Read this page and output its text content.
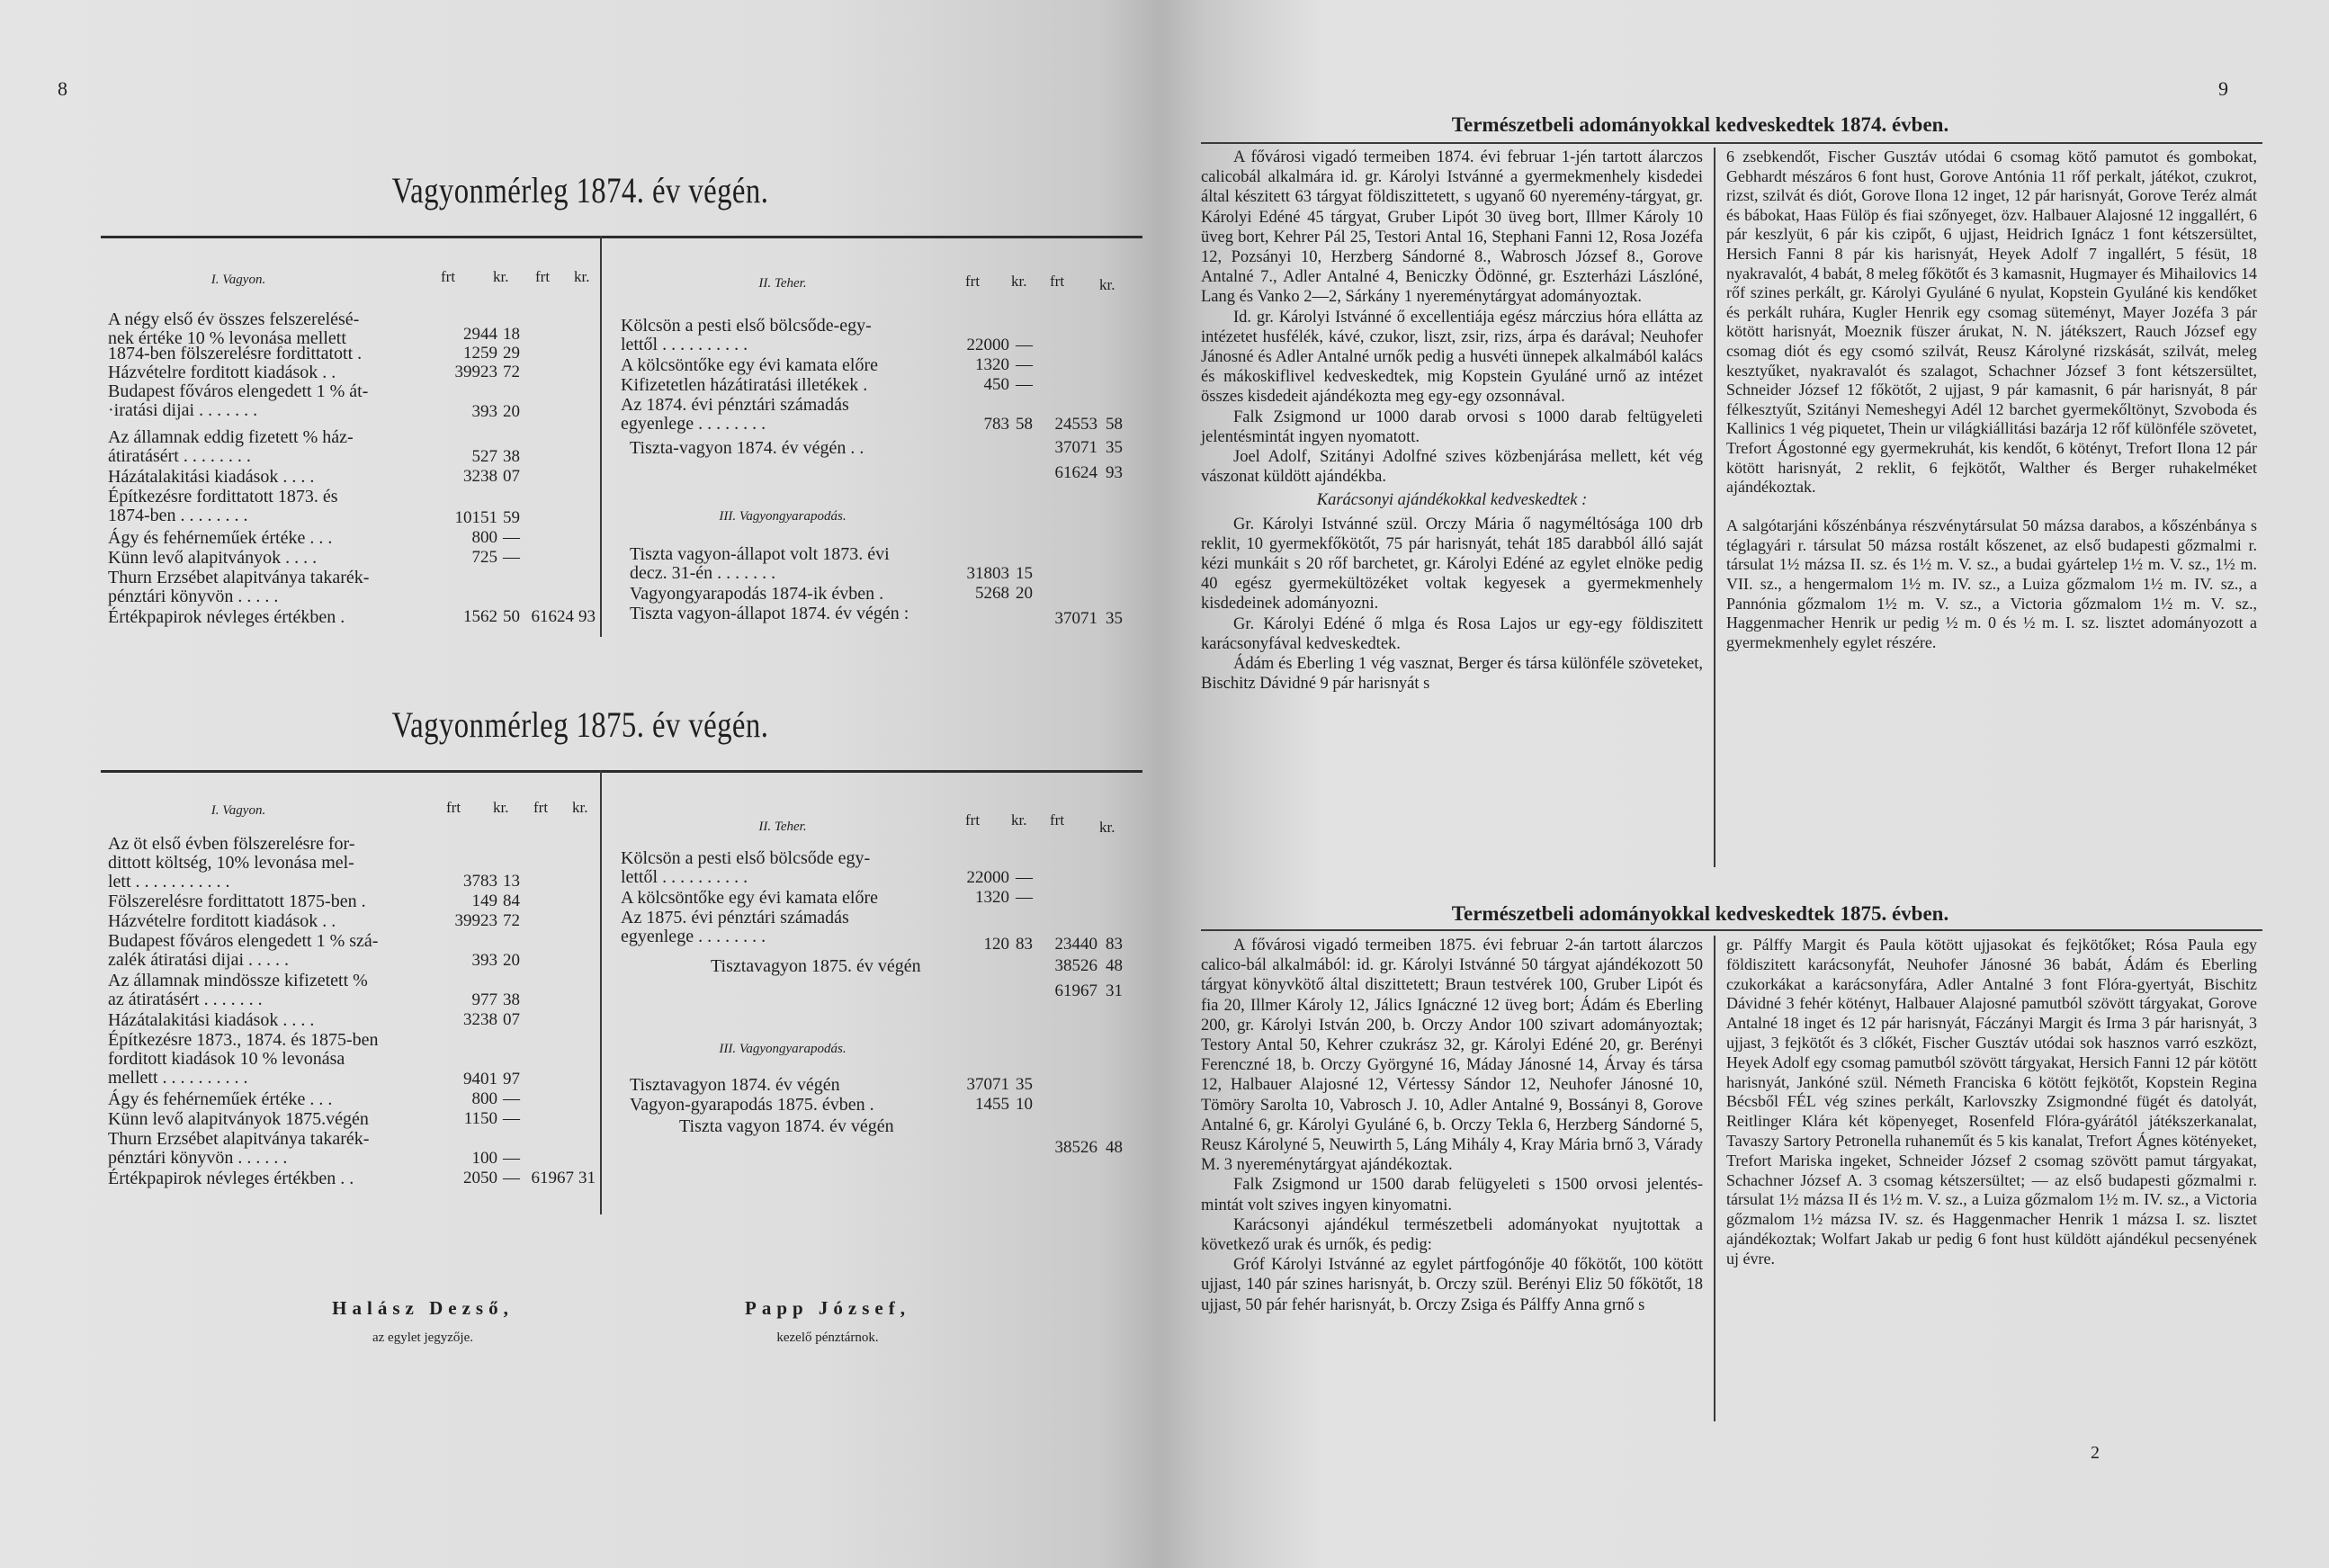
8
Vagyonmérleg 1874. év végén.
I. Vagyon.	frt kr. frt kr.	II. Teher.	frt kr. frt kr.
A négy első év összes felszerelésé-
nek értéke 10 % levonása mellett	2944 18
1874-ben fölszerelésre fordittatott .	1259 29
Házvételre forditott kiadások . .	39923 72
Budapest főváros elengedett 1 % át-
·iratási dijai . . . . . . .	393 20
Az államnak eddig fizetett % ház-
átiratásért . . . . . . . .	527 38
Házátalakitási kiadások . . . .	3238 07
Építkezésre fordittatott 1873. és
1874-ben . . . . . . . .	10151 59
Ágy és fehérneműek értéke . . .	800 —
Künn levő alapitványok . . . .	725 —
Thurn Erzsébet alapitványa takarék-
pénztári könyvön . . . . .
Értékpapirok névleges értékben .	1562 50 61624 93
Kölcsön a pesti első bölcsőde-egy-
lettől . . . . . . . . . .	22000 —
A kölcsöntőke egy évi kamata előre	1320 —
Kifizetetlen házátiratási illetékek .	450 —
Az 1874. évi pénztári számadás
egyenlege . . . . . . . .	783 58	24553 58
Tiszta-vagyon 1874. év végén . .	37071 35
61624 93
III. Vagyongyarapodás.
Tiszta vagyon-állapot volt 1873. évi
decz. 31-én . . . . . . .	31803 15
Vagyongyarapodás 1874-ik évben .	5268 20
Tiszta vagyon-állapot 1874. év végén :	37071 35
Vagyonmérleg 1875. év végén.
I. Vagyon.	frt kr. frt kr.
II. Teher.	frt kr. frt kr.
Az öt első évben fölszerelésre for-
dittott költség, 10% levonása mel-
lett . . . . . . . . . . .	3783 13
Fölszerelésre fordittatott 1875-ben .	149 84
Házvételre forditott kiadások . .	39923 72
Budapest főváros elengedett 1 % szá-
zalék átiratási dijai . . . . .	393 20
Az államnak mindössze kifizetett %
az átiratásért . . . . . . .	977 38
Házátalakitási kiadások . . . .	3238 07
Építkezésre 1873., 1874. és 1875-ben
forditott kiadások 10 % levonása
mellett . . . . . . . . . .	9401 97
Ágy és fehérneműek értéke . . .	800 —
Künn levő alapitványok 1875.végén	1150 —
Thurn Erzsébet alapitványa takarék-
pénztári könyvön . . . . . .	100 —
Értékpapirok névleges értékben . .	2050 — 61967 31
Kölcsön a pesti első bölcsőde egy-
lettől . . . . . . . . . .	22000 —
A kölcsöntőke egy évi kamata előre	1320 —
Az 1875. évi pénztári számadás
egyenlege . . . . . . . .	120 83	23440 83
Tisztavagyon 1875. év végén	38526 48
61967 31
III. Vagyongyarapodás.
Tisztavagyon 1874. év végén	37071 35
Vagyon-gyarapodás 1875. évben .	1455 10
Tiszta vagyon 1874. év végén
38526 48
Halász Dezső,
az egylet jegyzője.
Papp József,
kezelő pénztárnok.
9
Természetbeli adományokkal kedveskedtek 1874. évben.

A fővárosi vigadó termeiben 1874. évi februar 1-jén tartott álarczos calicobál alkalmára id. gr. Károlyi Istvánné a gyermekmenhely kisdedei által készitett 63 tárgyat földiszittetett, s ugyanő 60 nyeremény-tárgyat, gr. Károlyi Edéné 45 tárgyat, Gruber Lipót 30 üveg bort, Illmer Károly 10 üveg bort, Kehrer Pál 25, Testori Antal 16, Stephani Fanni 12, Rosa Jozéfa 12, Pozsányi 10, Herzberg Sándorné 8., Wabrosch József 8., Gorove Antalné 7., Adler Antalné 4, Beniczky Ödönné, gr. Eszterházi Lászlóné, Lang és Vanko 2—2, Sárkány 1 nyereménytárgyat adományoztak.

Id. gr. Károlyi Istvánné ő excellentiája egész márczius hóra ellátta az intézetet husfélék, kávé, czukor, liszt, zsir, rizs, árpa és darával; Neuhofer Jánosné és Adler Antalné urnők pedig a husvéti ünnepek alkalmából kalács és mákoskiflivel kedveskedtek, mig Kopstein Gyuláné urnő az intézet összes kisdedeit ajándékozta meg egy-egy ozsonnával.

Falk Zsigmond ur 1000 darab orvosi s 1000 darab feltügyeleti jelentésmintát ingyen nyomatott.

Joel Adolf, Szitányi Adolfné szives közbenjárása mellett, két vég vászonat küldött ajándékba.

Karácsonyi ajándékokkal kedveskedtek :

Gr. Károlyi Istvánné szül. Orczy Mária ő nagyméltósága 100 drb reklit, 10 gyermekfőkötőt, 75 pár harisnyát, tehát 185 darabból álló saját kézi munkáit s 20 rőf barchetet, gr. Károlyi Edéné az egylet elnöke pedig 40 egész gyermekültözéket voltak kegyesek a gyermekmenhely kisdedeinek adományozni.

Gr. Károlyi Edéné ő mlga és Rosa Lajos ur egy-egy földiszitett karácsonyfával kedveskedtek.

Ádám és Eberling 1 vég vasznat, Berger és társa különféle szöveteket, Bischitz Dávidné 9 pár harisnyát s

6 zsebkendőt, Fischer Gusztáv utódai 6 csomag kötő pamutot és gombokat, Gebhardt mészáros 6 font hust, Gorove Antónia 11 rőf perkalt, játékot, czukrot, rizst, szilvát és diót, Gorove Ilona 12 inget, 12 pár harisnyát, Gorove Teréz almát és bábokat, Haas Fülöp és fiai szőnyeget, özv. Halbauer Alajosné 12 inggallért, 6 pár keszlyüt, 6 pár kis czipőt, 6 ujjast, Heidrich Ignácz 1 font kétszersültet, Hersich Fanni 8 pár kis harisnyát, Heyek Adolf 7 ingallért, 5 fésüt, 18 nyakravalót, 4 babát, 8 meleg főkötőt és 3 kamasnit, Hugmayer és Mihailovics 14 rőf szines perkált, gr. Károlyi Gyuláné 6 nyulat, Kopstein Gyuláné kis kendőket és perkált ruhára, Kugler Henrik egy csomag süteményt, Mayer Jozéfa 3 pár kötött harisnyát, Moeznik füszer árukat, N. N. játékszert, Rauch József egy csomag diót és egy csomó szilvát, Reusz Károlyné rizskását, szilvát, meleg kesztyűket, nyakravalót és szalagot, Schachner József 3 font kétszersültet, Schneider József 12 főkötőt, 2 ujjast, 9 pár kamasnit, 6 pár harisnyát, 8 pár félkesztyűt, Szitányi Nemeshegyi Adél 12 barchet gyermekőltönyt, Szvoboda és Kallinics 1 vég piquetet, Thein ur világkiállitási bazárja 12 rőf különféle szövetet, Trefort Ágostonné egy gyermekruhát, kis kendőt, 6 kötényt, Trefort Ilona 12 pár kötött harisnyát, 2 reklit, 6 fejkötőt, Walther és Berger ruhakelméket ajándékoztak.

A salgótarjáni kőszénbánya részvénytársulat 50 mázsa darabos, a kőszénbánya s téglagyári r. társulat 50 mázsa rostált kőszenet, az első budapesti gőzmalmi r. társulat 1½ mázsa II. sz. és 1½ m. V. sz., a budai gyártelep 1½ m. V. sz., 1½ m. VII. sz., a hengermalom 1½ m. IV. sz., a Luiza gőzmalom 1½ m. IV. sz., a Pannónia gőzmalom 1½ m. V. sz., a Victoria gőzmalom 1½ m. V. sz., Haggenmacher Henrik ur pedig ½ m. 0 és ½ m. I. sz. lisztet adományozott a gyermekmenhely egylet részére.
Természetbeli adományokkal kedveskedtek 1875. évben.

A fővárosi vigadó termeiben 1875. évi februar 2-án tartott álarczos calico-bál alkalmából: id. gr. Károlyi Istvánné 50 tárgyat ajándékozott 50 tárgyat könyvkötő által diszittetett; Braun testvérek 100, Gruber Lipót és fia 20, Illmer Károly 12, Jálics Ignáczné 12 üveg bort; Ádám és Eberling 200, gr. Károlyi István 200, b. Orczy Andor 100 szivart adományoztak; Testory Antal 50, Kehrer czukrász 32, gr. Károlyi Edéné 20, gr. Berényi Ferenczné 18, b. Orczy Györgyné 16, Máday Jánosné 14, Árvay és társa 12, Halbauer Alajosné 12, Vértessy Sándor 12, Neuhofer Jánosné 10, Tömöry Sarolta 10, Vabrosch J. 10, Adler Antalné 9, Bossányi 8, Gorove Antalné 6, gr. Károlyi Gyuláné 6, b. Orczy Tekla 6, Herzberg Sándorné 5, Reusz Károlyné 5, Neuwirth 5, Láng Mihály 4, Kray Mária brnő 3, Várady M. 3 nyereménytárgyat ajándékoztak.

Falk Zsigmond ur 1500 darab felügyeleti s 1500 orvosi jelentés-mintát volt szives ingyen kinyomatni.

Karácsonyi ajándékul természetbeli adományokat nyujtottak a következő urak és urnők, és pedig:

Gróf Károlyi Istvánné az egylet pártfogónője 40 főkötőt, 100 kötött ujjast, 140 pár szines harisnyát, b. Orczy szül. Berényi Eliz 50 főkötőt, 18 ujjast, 50 pár fehér harisnyát, b. Orczy Zsiga és Pálffy Anna grnő s

gr. Pálffy Margit és Paula kötött ujjasokat és fejkötőket; Rósa Paula egy földiszitett karácsonyfát, Neuhofer Jánosné 36 babát, Ádám és Eberling czukorkákat a karácsonyfára, Adler Antalné 3 font Flóra-gyertyát, Bischitz Dávidné 3 fehér kötényt, Halbauer Alajosné pamutból szövött tárgyakat, Gorove Antalné 18 inget és 12 pár harisnyát, Fáczányi Margit és Irma 3 pár harisnyát, 3 ujjast, 3 fejkötőt és 3 clőkét, Fischer Gusztáv utódai sok hasznos varró eszközt, Heyek Adolf egy csomag pamutból szövött tárgyakat, Hersich Fanni 12 pár kötött harisnyát, Jankóné szül. Németh Franciska 6 kötött fejkötőt, Kopstein Regina Bécsből FÉL vég szines perkált, Karlovszky Zsigmondné fügét és datolyát, Reitlinger Klára két köpenyeget, Rosenfeld Flóra-gyárától játékszerkanalat, Tavaszy Sartory Petronella ruhaneműt és 5 kis kanalat, Trefort Ágnes kötényeket, Trefort Mariska ingeket, Schneider József 2 csomag szövött pamut tárgyakat, Schachner József A. 3 csomag kétszersültet; — az első budapesti gőzmalmi r. társulat 1½ mázsa II és 1½ m. V. sz., a Luiza gőzmalom 1½ m. IV. sz., a Victoria gőzmalom 1½ mázsa IV. sz. és Haggenmacher Henrik 1 mázsa I. sz. lisztet ajándékoztak; Wolfart Jakab ur pedig 6 font hust küldött ajándékul pecsenyének uj évre.
2
